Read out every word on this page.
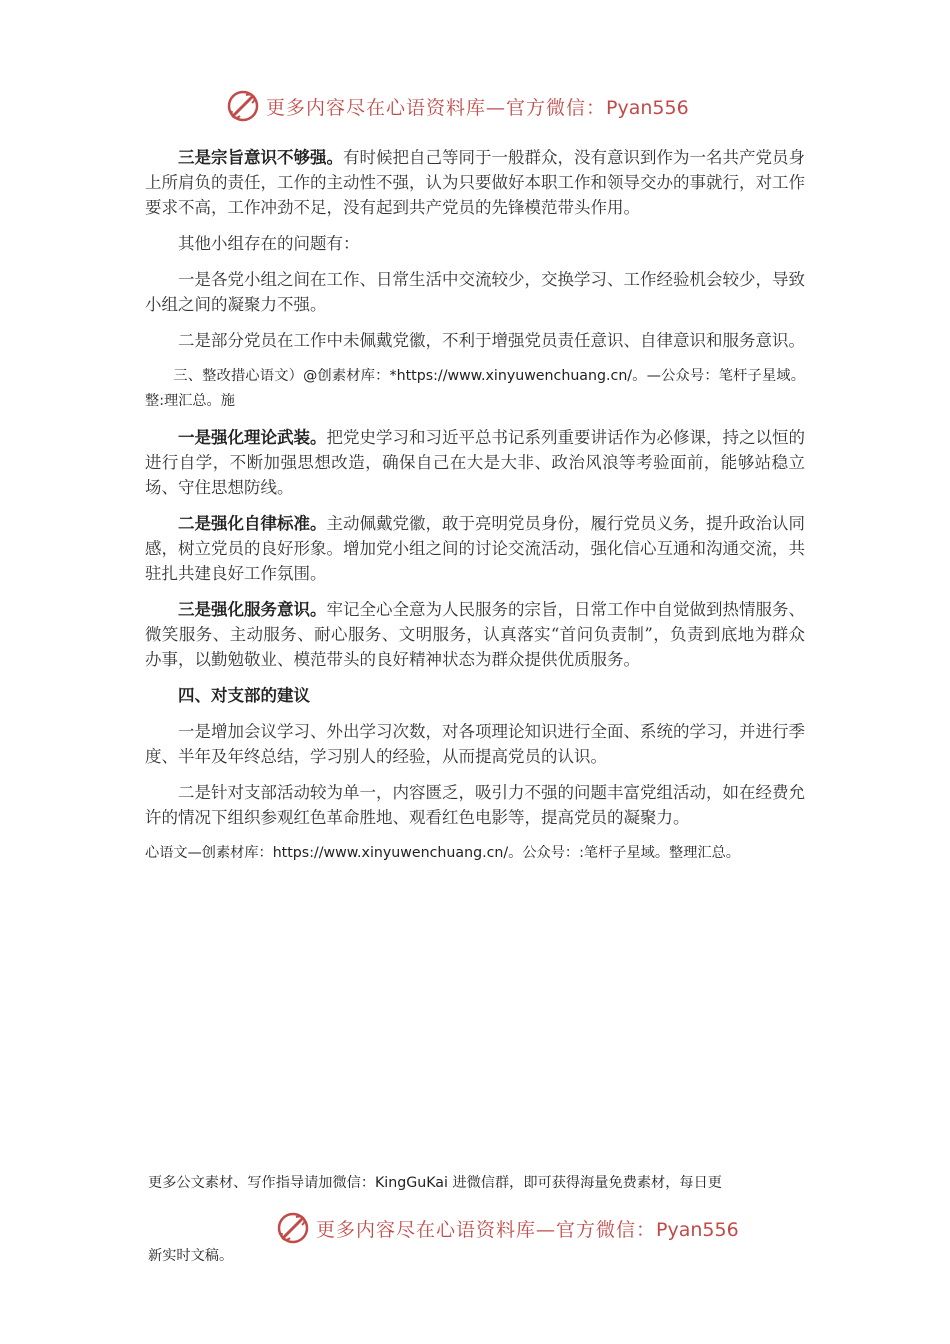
更多内容尽在心语资料库—官方微信：Pyan556

三是宗旨意识不够强。有时候把自己等同于一般群众，没有意识到作为一名共产党员身上所肩负的责任，工作的主动性不强，认为只要做好本职工作和领导交办的事就行，对工作要求不高，工作冲劲不足，没有起到共产党员的先锋模范带头作用。

其他小组存在的问题有：

一是各党小组之间在工作、日常生活中交流较少，交换学习、工作经验机会较少，导致小组之间的凝聚力不强。

二是部分党员在工作中未佩戴党徽，不利于增强党员责任意识、自律意识和服务意识。

三、整改措心语文）@创素材库：*https://www.xinyuwenchuang.cn/。—公众号：笔杆子星域。整:理汇总。施

一是强化理论武装。把党史学习和习近平总书记系列重要讲话作为必修课，持之以恒的进行自学，不断加强思想改造，确保自己在大是大非、政治风浪等考验面前，能够站稳立场、守住思想防线。

二是强化自律标准。主动佩戴党徽，敢于亮明党员身份，履行党员义务，提升政治认同感，树立党员的良好形象。增加党小组之间的讨论交流活动，强化信心互通和沟通交流，共驻扎共建良好工作氛围。

三是强化服务意识。牢记全心全意为人民服务的宗旨，日常工作中自觉做到热情服务、微笑服务、主动服务、耐心服务、文明服务，认真落实“首问负责制”，负责到底地为群众办事，以勤勉敬业、模范带头的良好精神状态为群众提供优质服务。

四、对支部的建议

一是增加会议学习、外出学习次数，对各项理论知识进行全面、系统的学习，并进行季度、半年及年终总结，学习别人的经验，从而提高党员的认识。

二是针对支部活动较为单一，内容匮乏，吸引力不强的问题丰富党组活动，如在经费允许的情况下组织参观红色革命胜地、观看红色电影等，提高党员的凝聚力。

心语文—创素材库：https://www.xinyuwenchuang.cn/。公众号：:笔杆子星域。整理汇总。

更多公文素材、写作指导请加微信：KingGuKai 进微信群，即可获得海量免费素材，每日更
更多内容尽在心语资料库—官方微信：Pyan556
新实时文稿。
